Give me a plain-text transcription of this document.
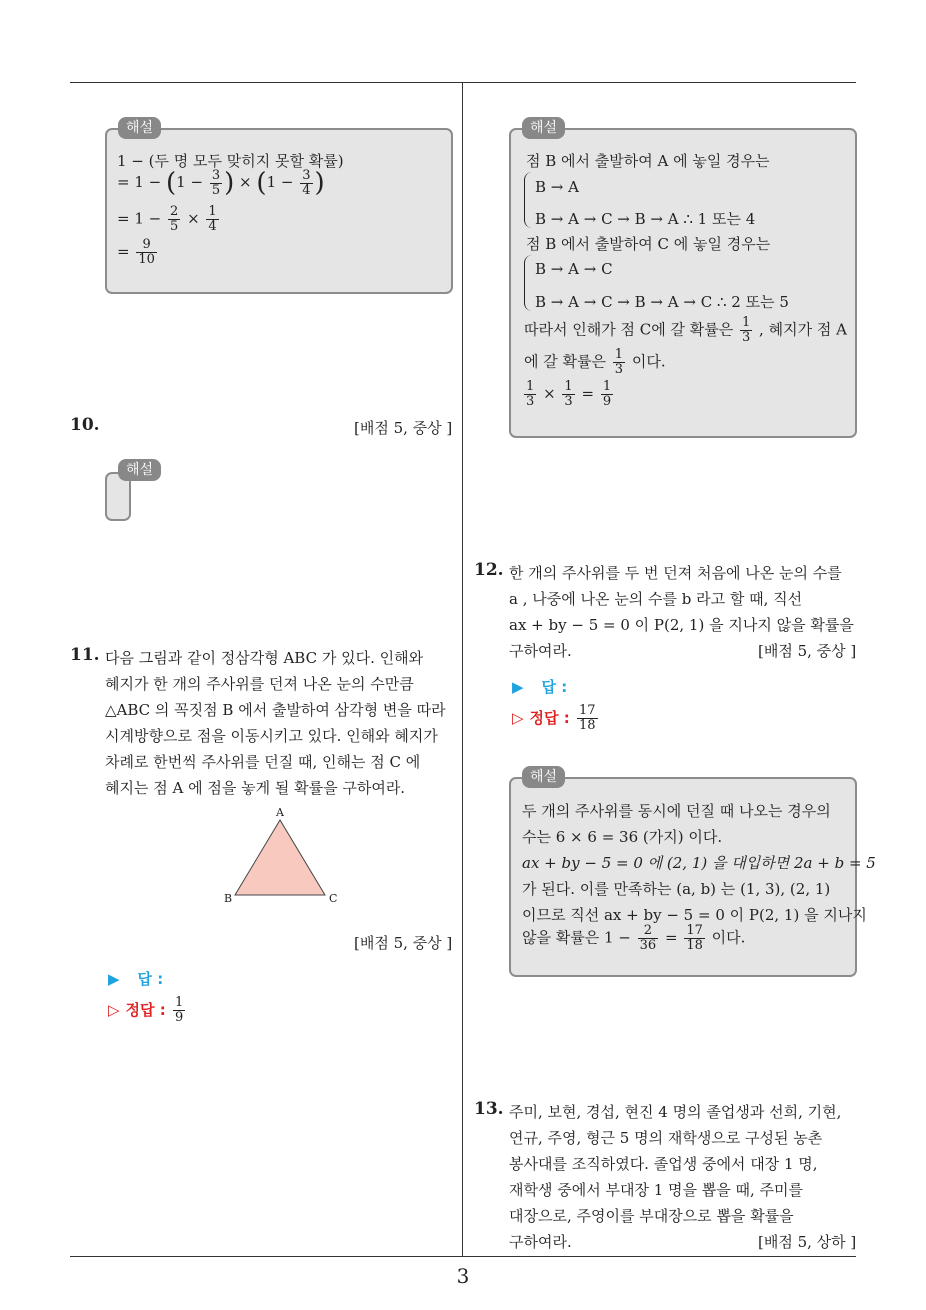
해설
1 − (두 명 모두 맞히지 못할 확률)
= $1 - (1 - \frac{3}{5}$ ) × ($1 - \frac{3}{4}$ )
= $1 - \frac{2}{5} \times \frac{1}{4}$
= $\frac{9}{10}$
10.	[배점 5, 중상 ]
해설
11. 다음 그림과 같이 정삼각형 ABC 가 있다. 인해와
혜지가 한 개의 주사위를 던져 나온 눈의 수만큼
△ABC 의 꼭짓점 B 에서 출발하여 삼각형 변을 따라
시계방향으로 점을 이동시키고 있다. 인해와 혜지가
차례로 한번씩 주사위를 던질 때, 인해는 점 C 에
혜지는 점 A 에 점을 놓게 될 확률을 구하여라.
A
B	C
[배점 5, 중상 ]
▶ 답 :
▷ 정답 : $\frac{1}{9}$
해설
점 B 에서 출발하여 A 에 놓일 경우는
B → A
B → A → C → B → A ∴ 1 또는 4
점 B 에서 출발하여 C 에 놓일 경우는
B → A → C
B → A → C → B → A → C ∴ 2 또는 5
따라서 인해가 점 C에 갈 확률은 $\frac{1}{3}$ , 혜지가 점 A
에 갈 확률은 $\frac{1}{3}$ 이다.
$\frac{1}{3} \times \frac{1}{3} = \frac{1}{9}$
12. 한 개의 주사위를 두 번 던져 처음에 나온 눈의 수를
a , 나중에 나온 눈의 수를 b 라고 할 때, 직선
ax + by − 5 = 0 이 P(2, 1) 을 지나지 않을 확률을
구하여라.	[배점 5, 중상 ]
▶ 답 :
▷ 정답 : $\frac{17}{18}$
해설
두 개의 주사위를 동시에 던질 때 나오는 경우의
수는 6 × 6 = 36 (가지) 이다.
ax + by − 5 = 0 에 (2, 1) 을 대입하면 2a + b = 5
가 된다. 이를 만족하는 (a, b) 는 (1, 3), (2, 1)
이므로 직선 ax + by − 5 = 0 이 P(2, 1) 을 지나지
않을 확률은 $1 - \frac{2}{36} = \frac{17}{18}$ 이다.
13. 주미, 보현, 경섭, 현진 4 명의 졸업생과 선희, 기현,
연규, 주영, 형근 5 명의 재학생으로 구성된 농촌
봉사대를 조직하였다. 졸업생 중에서 대장 1 명,
재학생 중에서 부대장 1 명을 뽑을 때, 주미를
대장으로, 주영이를 부대장으로 뽑을 확률을
구하여라.	[배점 5, 상하 ]
3
